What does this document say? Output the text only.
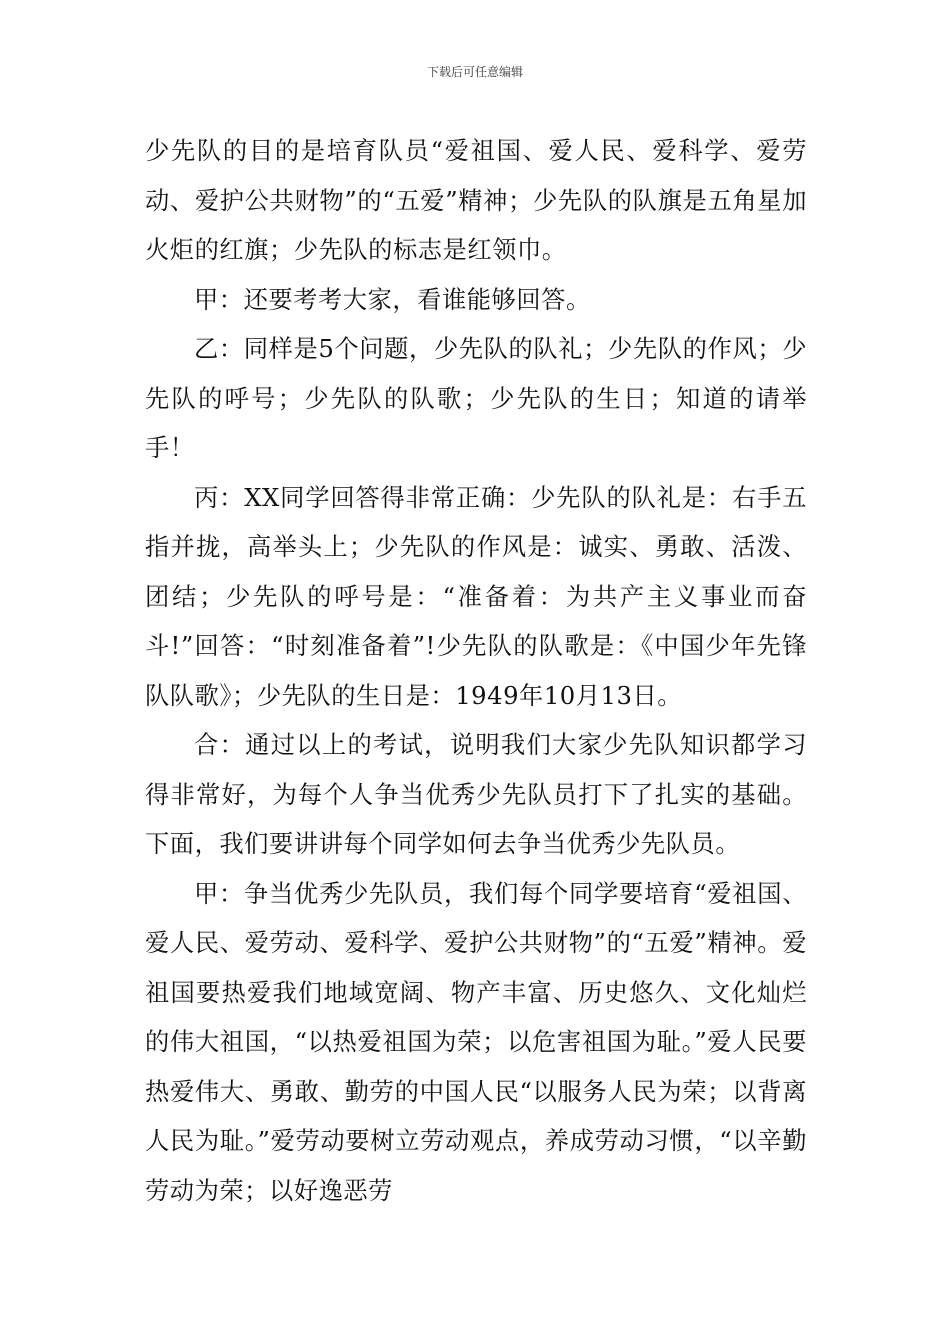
下载后可任意编辑

少先队的目的是培育队员“爱祖国、爱人民、爱科学、爱劳动、爱护公共财物”的“五爱”精神；少先队的队旗是五角星加火炬的红旗；少先队的标志是红领巾。

甲：还要考考大家，看谁能够回答。

乙：同样是5个问题，少先队的队礼；少先队的作风；少先队的呼号；少先队的队歌；少先队的生日；知道的请举手！

丙：XX同学回答得非常正确：少先队的队礼是：右手五指并拢，高举头上；少先队的作风是：诚实、勇敢、活泼、团结；少先队的呼号是：“准备着：为共产主义事业而奋斗!”回答：“时刻准备着”!少先队的队歌是：《中国少年先锋队队歌》；少先队的生日是：1949年10月13日。

合：通过以上的考试，说明我们大家少先队知识都学习得非常好，为每个人争当优秀少先队员打下了扎实的基础。下面，我们要讲讲每个同学如何去争当优秀少先队员。

甲：争当优秀少先队员，我们每个同学要培育“爱祖国、爱人民、爱劳动、爱科学、爱护公共财物”的“五爱”精神。爱祖国要热爱我们地域宽阔、物产丰富、历史悠久、文化灿烂的伟大祖国，“以热爱祖国为荣；以危害祖国为耻。”爱人民要热爱伟大、勇敢、勤劳的中国人民“以服务人民为荣；以背离人民为耻。”爱劳动要树立劳动观点，养成劳动习惯，“以辛勤劳动为荣；以好逸恶劳
